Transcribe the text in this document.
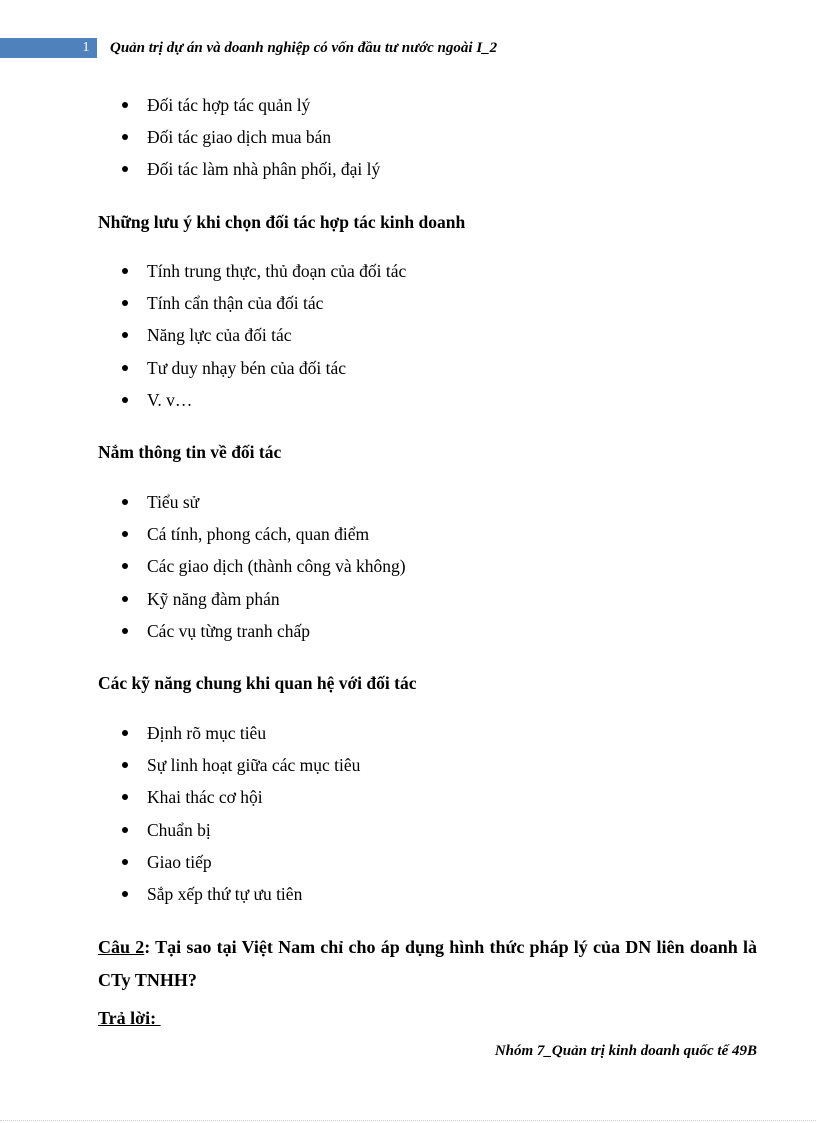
1	Quản trị dự án và doanh nghiệp có vốn đầu tư nước ngoài I_2
Đối tác hợp tác quản lý
Đối tác giao dịch mua bán
Đối tác làm nhà phân phối, đại lý
Những lưu ý khi chọn đối tác hợp tác kinh doanh
Tính trung thực, thủ đoạn của đối tác
Tính cẩn thận của đối tác
Năng lực của đối tác
Tư duy nhạy bén của đối tác
V. v…
Nắm thông tin về đối tác
Tiểu sử
Cá tính, phong cách, quan điểm
Các giao dịch (thành công và không)
Kỹ năng đàm phán
Các vụ từng tranh chấp
Các kỹ năng chung khi quan hệ với đối tác
Định rõ mục tiêu
Sự linh hoạt giữa các mục tiêu
Khai thác cơ hội
Chuẩn bị
Giao tiếp
Sắp xếp thứ tự ưu tiên

Câu 2: Tại sao tại Việt Nam chỉ cho áp dụng hình thức pháp lý của DN liên doanh là CTy TNHH?

Trả lời:
Nhóm 7_Quản trị kinh doanh quốc tế 49B
